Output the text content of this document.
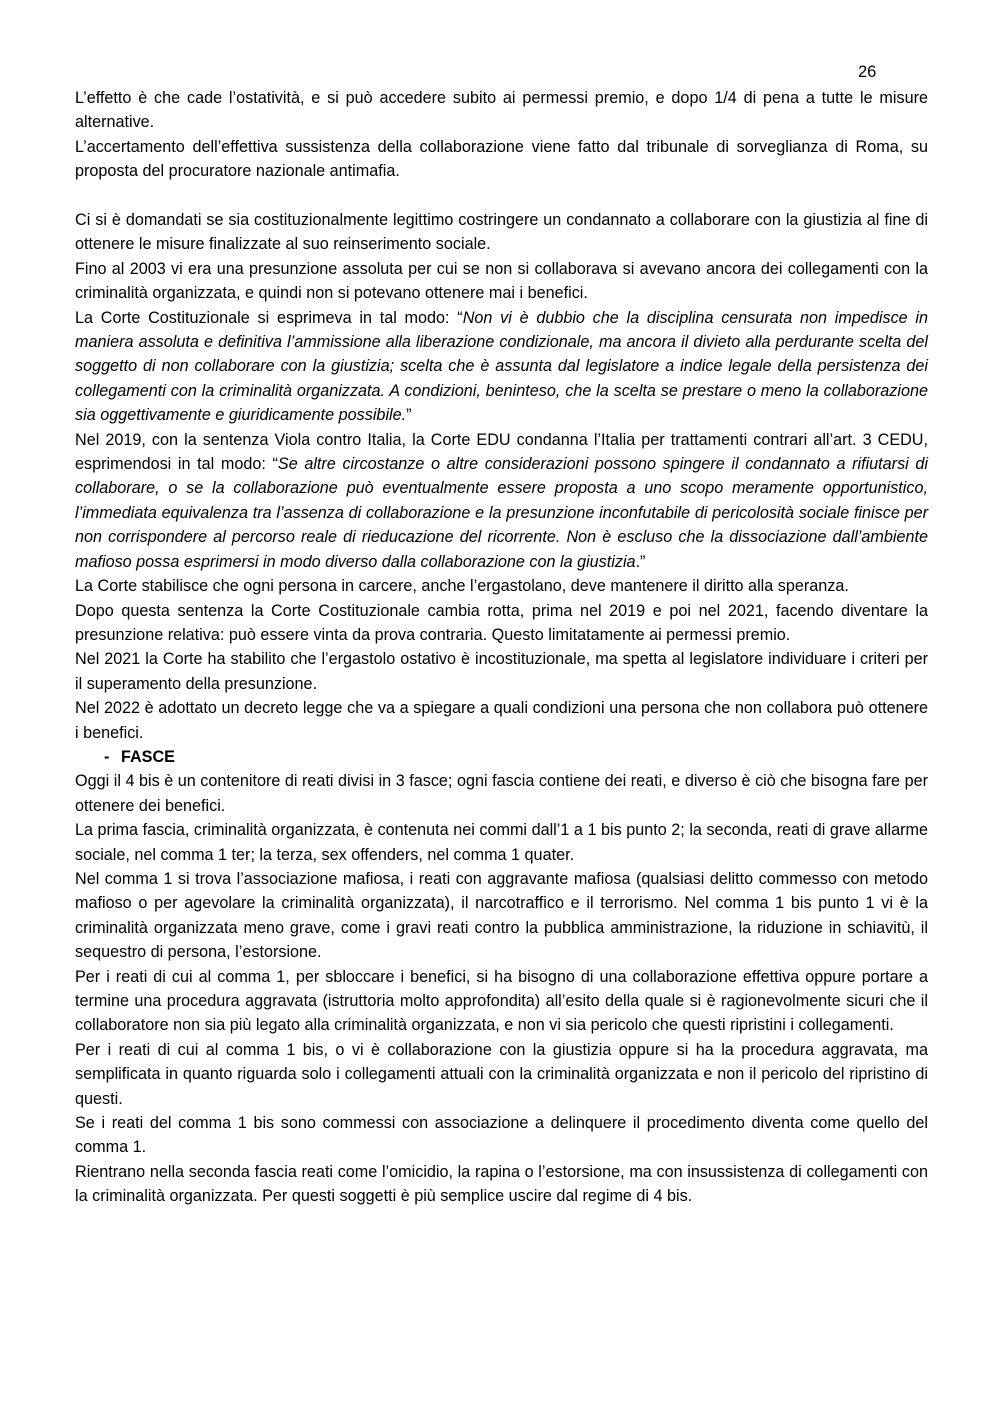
26

L’effetto è che cade l’ostatività, e si può accedere subito ai permessi premio, e dopo 1/4 di pena a tutte le misure alternative.

L’accertamento dell’effettiva sussistenza della collaborazione viene fatto dal tribunale di sorveglianza di Roma, su proposta del procuratore nazionale antimafia.

Ci si è domandati se sia costituzionalmente legittimo costringere un condannato a collaborare con la giustizia al fine di ottenere le misure finalizzate al suo reinserimento sociale.

Fino al 2003 vi era una presunzione assoluta per cui se non si collaborava si avevano ancora dei collegamenti con la criminalità organizzata, e quindi non si potevano ottenere mai i benefici.

La Corte Costituzionale si esprimeva in tal modo: “Non vi è dubbio che la disciplina censurata non impedisce in maniera assoluta e definitiva l’ammissione alla liberazione condizionale, ma ancora il divieto alla perdurante scelta del soggetto di non collaborare con la giustizia; scelta che è assunta dal legislatore a indice legale della persistenza dei collegamenti con la criminalità organizzata. A condizioni, beninteso, che la scelta se prestare o meno la collaborazione sia oggettivamente e giuridicamente possibile.”

Nel 2019, con la sentenza Viola contro Italia, la Corte EDU condanna l’Italia per trattamenti contrari all’art. 3 CEDU, esprimendosi in tal modo: “Se altre circostanze o altre considerazioni possono spingere il condannato a rifiutarsi di collaborare, o se la collaborazione può eventualmente essere proposta a uno scopo meramente opportunistico, l’immediata equivalenza tra l’assenza di collaborazione e la presunzione inconfutabile di pericolosità sociale finisce per non corrispondere al percorso reale di rieducazione del ricorrente. Non è escluso che la dissociazione dall’ambiente mafioso possa esprimersi in modo diverso dalla collaborazione con la giustizia.”

La Corte stabilisce che ogni persona in carcere, anche l’ergastolano, deve mantenere il diritto alla speranza.

Dopo questa sentenza la Corte Costituzionale cambia rotta, prima nel 2019 e poi nel 2021, facendo diventare la presunzione relativa: può essere vinta da prova contraria. Questo limitatamente ai permessi premio.

Nel 2021 la Corte ha stabilito che l’ergastolo ostativo è incostituzionale, ma spetta al legislatore individuare i criteri per il superamento della presunzione.

Nel 2022 è adottato un decreto legge che va a spiegare a quali condizioni una persona che non collabora può ottenere i benefici.

- FASCE

Oggi il 4 bis è un contenitore di reati divisi in 3 fasce; ogni fascia contiene dei reati, e diverso è ciò che bisogna fare per ottenere dei benefici.

La prima fascia, criminalità organizzata, è contenuta nei commi dall’1 a 1 bis punto 2; la seconda, reati di grave allarme sociale, nel comma 1 ter; la terza, sex offenders, nel comma 1 quater.

Nel comma 1 si trova l’associazione mafiosa, i reati con aggravante mafiosa (qualsiasi delitto commesso con metodo mafioso o per agevolare la criminalità organizzata), il narcotraffico e il terrorismo. Nel comma 1 bis punto 1 vi è la criminalità organizzata meno grave, come i gravi reati contro la pubblica amministrazione, la riduzione in schiavitù, il sequestro di persona, l’estorsione.

Per i reati di cui al comma 1, per sbloccare i benefici, si ha bisogno di una collaborazione effettiva oppure portare a termine una procedura aggravata (istruttoria molto approfondita) all’esito della quale si è ragionevolmente sicuri che il collaboratore non sia più legato alla criminalità organizzata, e non vi sia pericolo che questi ripristini i collegamenti.

Per i reati di cui al comma 1 bis, o vi è collaborazione con la giustizia oppure si ha la procedura aggravata, ma semplificata in quanto riguarda solo i collegamenti attuali con la criminalità organizzata e non il pericolo del ripristino di questi.

Se i reati del comma 1 bis sono commessi con associazione a delinquere il procedimento diventa come quello del comma 1.

Rientrano nella seconda fascia reati come l’omicidio, la rapina o l’estorsione, ma con insussistenza di collegamenti con la criminalità organizzata. Per questi soggetti è più semplice uscire dal regime di 4 bis.
